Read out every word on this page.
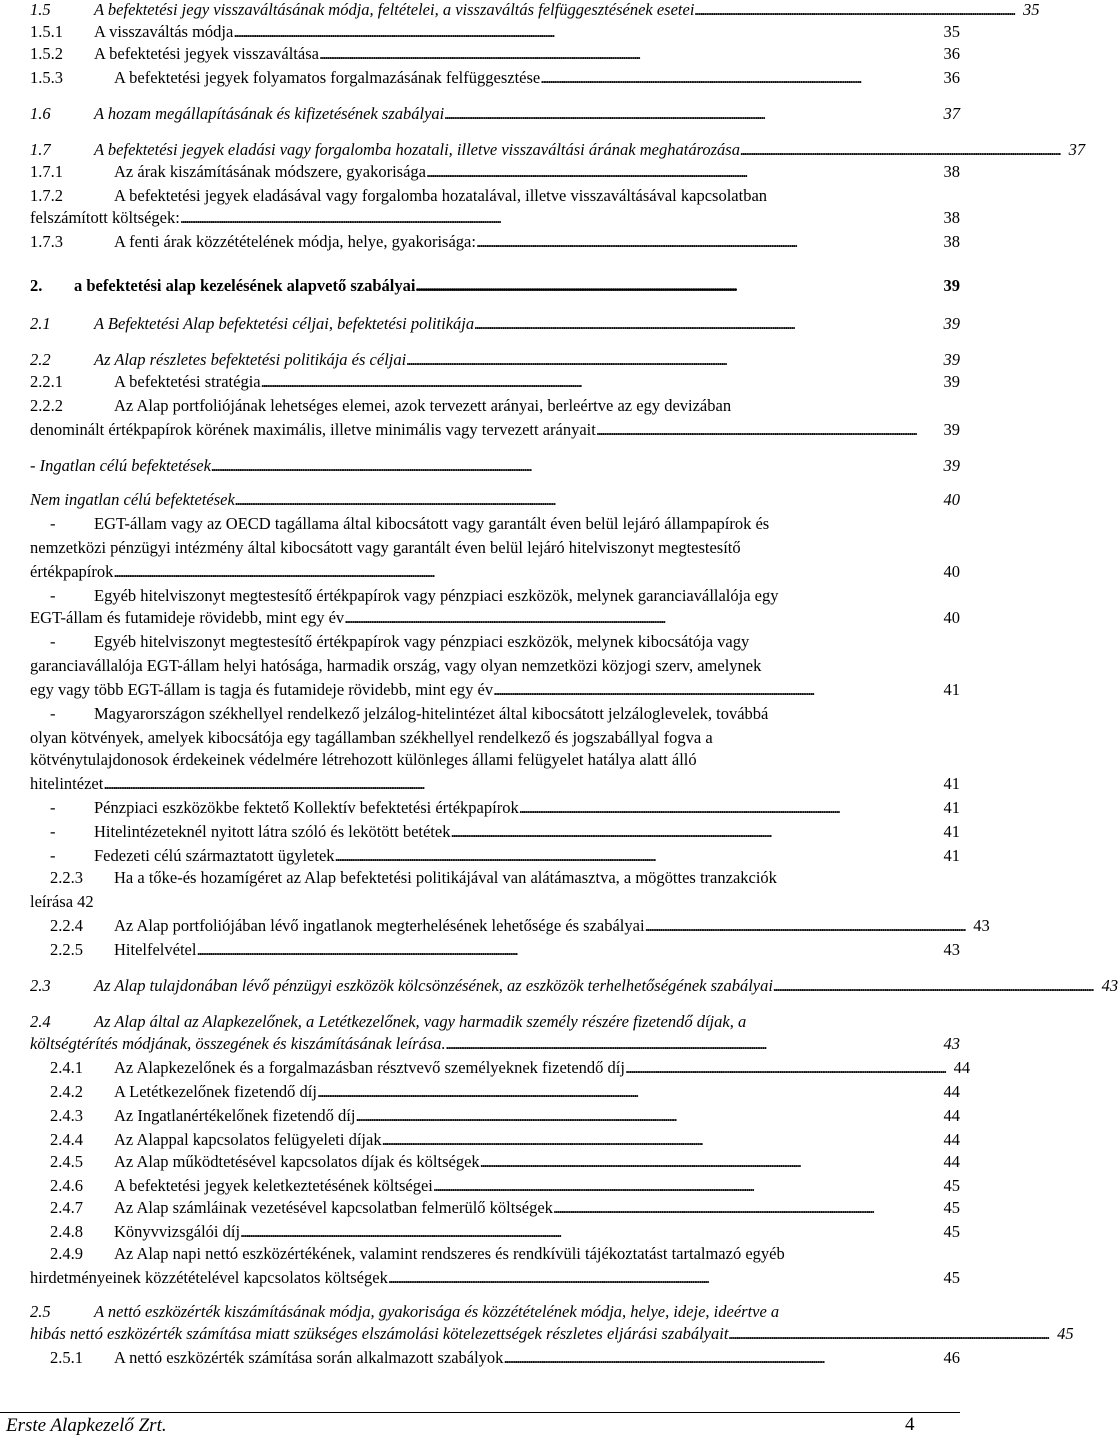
1.5	A befektetési jegy visszaváltásának módja, feltételei, a visszaváltás felfüggesztésének esetei . . .	35
1.5.1	A visszaváltás módja . . .	35
1.5.2	A befektetési jegyek visszaváltása . . .	36
1.5.3	A befektetési jegyek folyamatos forgalmazásának felfüggesztése . . .	36
1.6	A hozam megállapításának és kifizetésének szabályai . . .	37
1.7	A befektetési jegyek eladási vagy forgalomba hozatali, illetve visszaváltási árának meghatározása . . .	37
1.7.1	Az árak kiszámításának módszere, gyakorisága . . .	38
1.7.2	A befektetési jegyek eladásával vagy forgalomba hozatalával, illetve visszaváltásával kapcsolatban
felszámított költségek: . . .	38
1.7.3	A fenti árak közzétételének módja, helye, gyakorisága: . . .	38
2.	a befektetési alap kezelésének alapvető szabályai . . .	39
2.1	A Befektetési Alap befektetési céljai, befektetési politikája . . .	39
2.2	Az Alap részletes befektetési politikája és céljai . . .	39
2.2.1	A befektetési stratégia . . .	39
2.2.2	Az Alap portfoliójának lehetséges elemei, azok tervezett arányai, berleértve az egy devizában
denominált értékpapírok körének maximális, illetve minimális vagy tervezett arányait . . .	39
- Ingatlan célú befektetések . . .	39
Nem ingatlan célú befektetések . . .	40
- EGT-állam vagy az OECD tagállama által kibocsátott vagy garantált éven belül lejáró állampapírok és
nemzetközi pénzügyi intézmény által kibocsátott vagy garantált éven belül lejáró hitelviszonyt megtestesítő
értékpapírok . . .	40
- Egyéb hitelviszonyt megtestesítő értékpapírok vagy pénzpiaci eszközök, melynek garanciavállalója egy
EGT-állam és futamideje rövidebb, mint egy év . . .	40
- Egyéb hitelviszonyt megtestesítő értékpapírok vagy pénzpiaci eszközök, melynek kibocsátója vagy
garanciavállalója EGT-állam helyi hatósága, harmadik ország, vagy olyan nemzetközi közjogi szerv, amelynek
egy vagy több EGT-állam is tagja és futamideje rövidebb, mint egy év . . .	41
- Magyarországon székhellyel rendelkező jelzálog-hitelintézet által kibocsátott jelzáloglevelek, továbbá
olyan kötvények, amelyek kibocsátója egy tagállamban székhellyel rendelkező és jogszabállyal fogva a
kötvénytulajdonosok érdekeinek védelmére létrehozott különleges állami felügyelet hatálya alatt álló
hitelintézet . . .	41
-	Pénzpiaci eszközökbe fektető Kollektív befektetési értékpapírok . . .	41
-	Hitelintézeteknél nyitott látra szóló és lekötött betétek . . .	41
-	Fedezeti célú származtatott ügyletek . . .	41
2.2.3 Ha a tőke-és hozamígéret az Alap befektetési politikájával van alátámasztva, a mögöttes tranzakciók
leírása 42
2.2.4	Az Alap portfoliójában lévő ingatlanok megterhelésének lehetősége és szabályai . . .	43
2.2.5	Hitelfelvétel . . .	43
2.3	Az Alap tulajdonában lévő pénzügyi eszközök kölcsönzésének, az eszközök terhelhetőségének szabályai . . .	43
2.4	Az Alap által az Alapkezelőnek, a Letétkezelőnek, vagy harmadik személy részére fizetendő díjak, a
költségtérítés módjának, összegének és kiszámításának leírása. . . .	43
2.4.1	Az Alapkezelőnek és a forgalmazásban résztvevő személyeknek fizetendő díj . . .	44
2.4.2	A Letétkezelőnek fizetendő díj . . .	44
2.4.3	Az Ingatlanértékelőnek fizetendő díj . . .	44
2.4.4	Az Alappal kapcsolatos felügyeleti díjak . . .	44
2.4.5	Az Alap működtetésével kapcsolatos díjak és költségek . . .	44
2.4.6	A befektetési jegyek keletkeztetésének költségei . . .	45
2.4.7	Az Alap számláinak vezetésével kapcsolatban felmerülő költségek . . .	45
2.4.8	Könyvvizsgálói díj . . .	45
2.4.9 Az Alap napi nettó eszközértékének, valamint rendszeres és rendkívüli tájékoztatást tartalmazó egyéb
hirdetményeinek közzétételével kapcsolatos költségek . . .	45
2.5	A nettó eszközérték kiszámításának módja, gyakorisága és közzétételének módja, helye, ideje, ideértve a
hibás nettó eszközérték számítása miatt szükséges elszámolási kötelezettségek részletes eljárási szabályait . . .	45
2.5.1	A nettó eszközérték számítása során alkalmazott szabályok . . .	46
Erste Alapkezelő Zrt.	4
